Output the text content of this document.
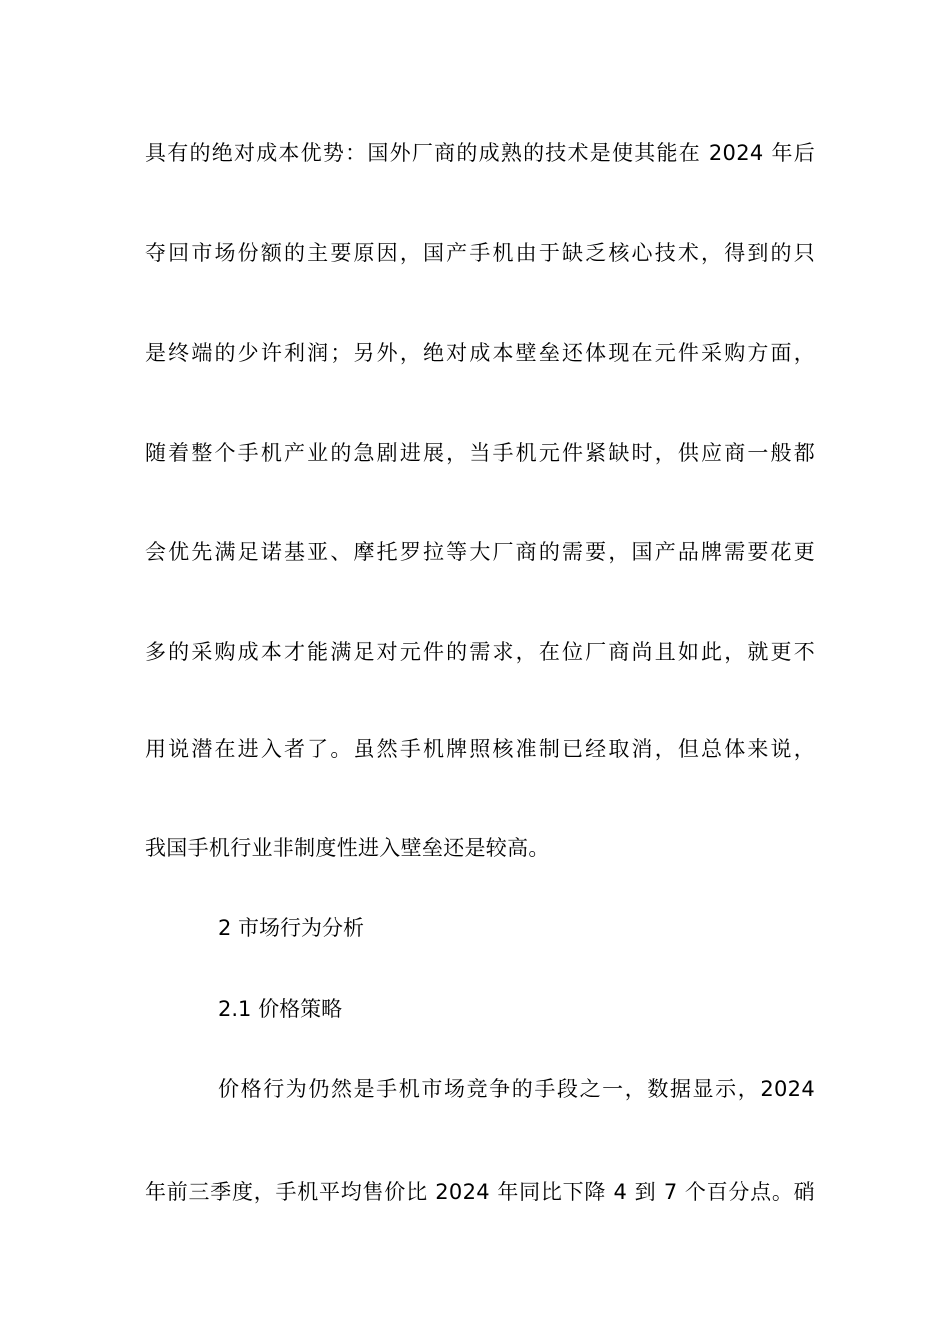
具有的绝对成本优势：国外厂商的成熟的技术是使其能在 2024 年后
夺回市场份额的主要原因，国产手机由于缺乏核心技术，得到的只
是终端的少许利润；另外，绝对成本壁垒还体现在元件采购方面，
随着整个手机产业的急剧进展，当手机元件紧缺时，供应商一般都
会优先满足诺基亚、摩托罗拉等大厂商的需要，国产品牌需要花更
多的采购成本才能满足对元件的需求，在位厂商尚且如此，就更不
用说潜在进入者了。虽然手机牌照核准制已经取消，但总体来说，
我国手机行业非制度性进入壁垒还是较高。
2 市场行为分析
2.1 价格策略
价格行为仍然是手机市场竞争的手段之一，数据显示，2024
年前三季度，手机平均售价比 2024 年同比下降 4 到 7 个百分点。硝
